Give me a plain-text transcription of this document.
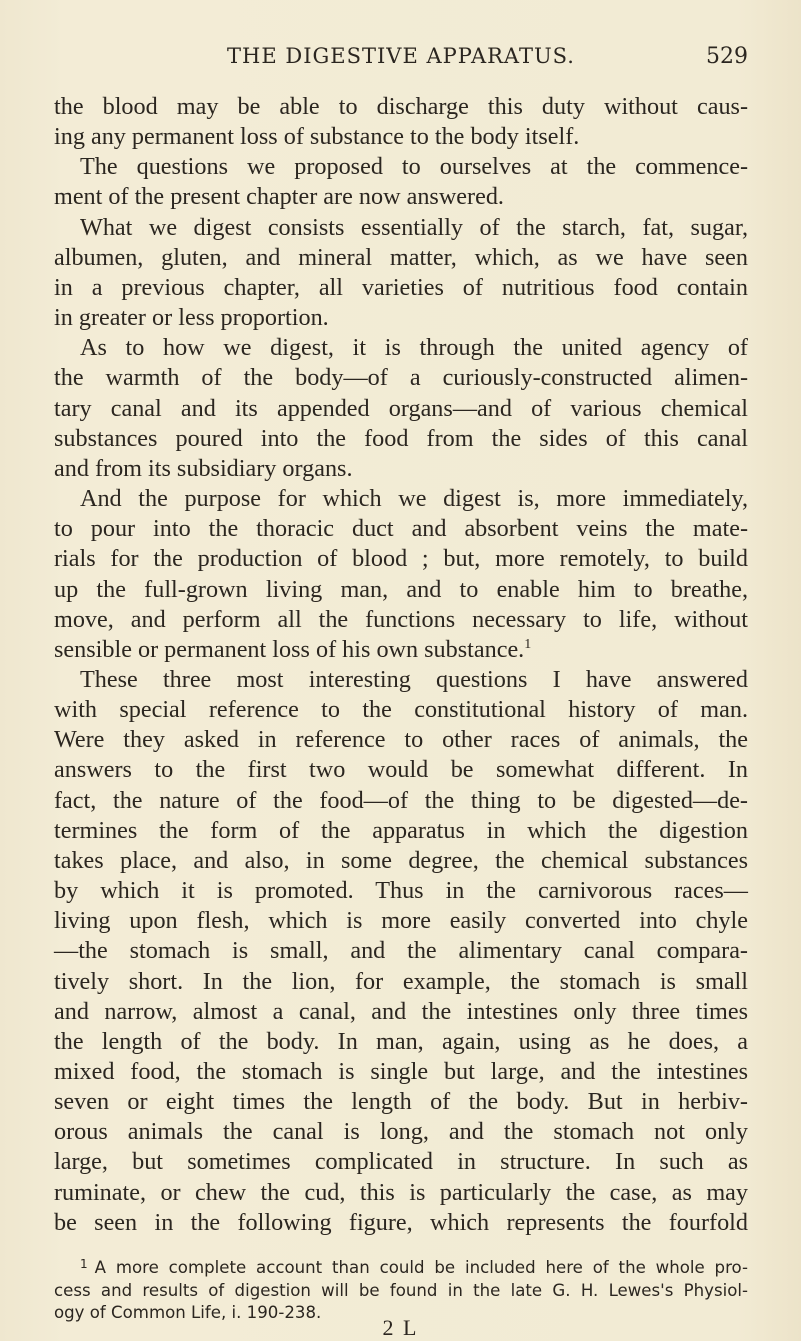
THE DIGESTIVE APPARATUS.	529
the blood may be able to discharge this duty without caus-
ing any permanent loss of substance to the body itself.
The questions we proposed to ourselves at the commence-
ment of the present chapter are now answered.
What we digest consists essentially of the starch, fat, sugar,
albumen, gluten, and mineral matter, which, as we have seen
in a previous chapter, all varieties of nutritious food contain
in greater or less proportion.
As to how we digest, it is through the united agency of
the warmth of the body—of a curiously-constructed alimen-
tary canal and its appended organs—and of various chemical
substances poured into the food from the sides of this canal
and from its subsidiary organs.
And the purpose for which we digest is, more immediately,
to pour into the thoracic duct and absorbent veins the mate-
rials for the production of blood ; but, more remotely, to build
up the full-grown living man, and to enable him to breathe,
move, and perform all the functions necessary to life, without
sensible or permanent loss of his own substance.$^1$
These three most interesting questions I have answered
with special reference to the constitutional history of man.
Were they asked in reference to other races of animals, the
answers to the first two would be somewhat different. In
fact, the nature of the food—of the thing to be digested—de-
termines the form of the apparatus in which the digestion
takes place, and also, in some degree, the chemical substances
by which it is promoted. Thus in the carnivorous races—
living upon flesh, which is more easily converted into chyle
—the stomach is small, and the alimentary canal compara-
tively short. In the lion, for example, the stomach is small
and narrow, almost a canal, and the intestines only three times
the length of the body. In man, again, using as he does, a
mixed food, the stomach is single but large, and the intestines
seven or eight times the length of the body. But in herbiv-
orous animals the canal is long, and the stomach not only
large, but sometimes complicated in structure. In such as
ruminate, or chew the cud, this is particularly the case, as may
be seen in the following figure, which represents the fourfold
$^1$ A more complete account than could be included here of the whole pro-
cess and results of digestion will be found in the late G. H. Lewes's Physiol-
ogy of Common Life, i. 190-238.
2 L
